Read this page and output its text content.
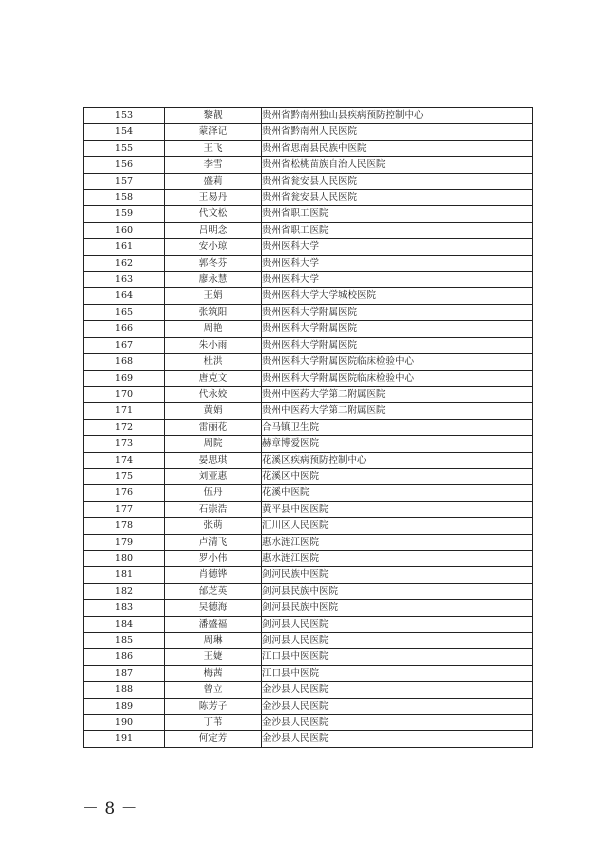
153	黎靓	贵州省黔南州独山县疾病预防控制中心
154	蒙泽记	贵州省黔南州人民医院
155	王飞	贵州省思南县民族中医院
156	李雪	贵州省松桃苗族自治人民医院
157	盛莉	贵州省瓮安县人民医院
158	王易丹	贵州省瓮安县人民医院
159	代文松	贵州省职工医院
160	吕明念	贵州省职工医院
161	安小琼	贵州医科大学
162	郭冬芬	贵州医科大学
163	廖永慧	贵州医科大学
164	王娟	贵州医科大学大学城校医院
165	张筑阳	贵州医科大学附属医院
166	周艳	贵州医科大学附属医院
167	朱小雨	贵州医科大学附属医院
168	杜洪	贵州医科大学附属医院临床检验中心
169	唐克文	贵州医科大学附属医院临床检验中心
170	代永姣	贵州中医药大学第二附属医院
171	黄娟	贵州中医药大学第二附属医院
172	雷丽花	合马镇卫生院
173	周院	赫章博爱医院
174	晏思琪	花溪区疾病预防控制中心
175	刘亚惠	花溪区中医院
176	伍丹	花溪中医院
177	石崇浩	黄平县中医医院
178	张萌	汇川区人民医院
179	卢清飞	惠水涟江医院
180	罗小伟	惠水涟江医院
181	肖德铧	剑河民族中医院
182	邰芝英	剑河县民族中医院
183	吴德海	剑河县民族中医院
184	潘盛福	剑河县人民医院
185	周琳	剑河县人民医院
186	王婕	江口县中医医院
187	梅茜	江口县中医院
188	曾立	金沙县人民医院
189	陈芳子	金沙县人民医院
190	丁苇	金沙县人民医院
191	何定芳	金沙县人民医院
－ 8 －
